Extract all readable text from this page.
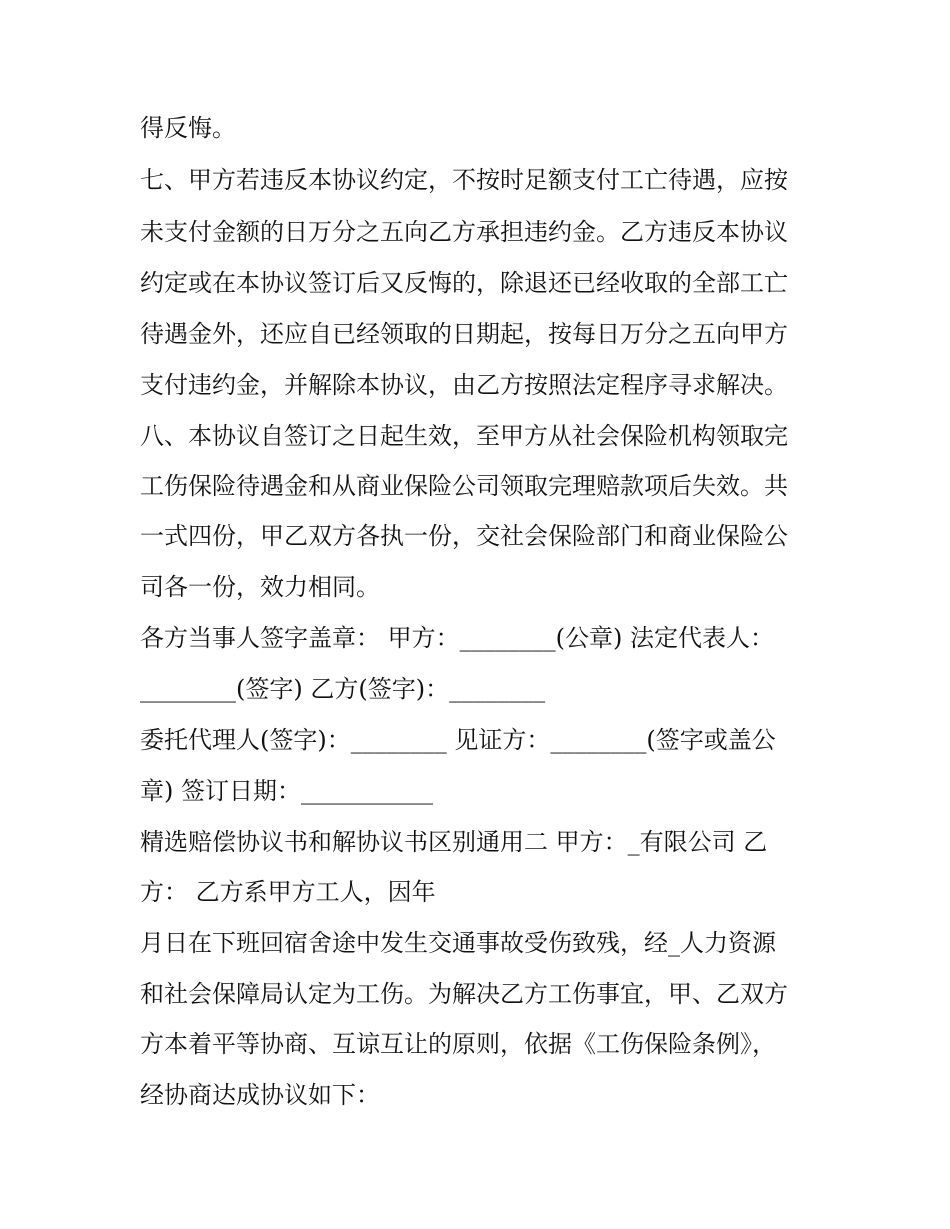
得反悔。
七、甲方若违反本协议约定，不按时足额支付工亡待遇，应按
未支付金额的日万分之五向乙方承担违约金。乙方违反本协议
约定或在本协议签订后又反悔的，除退还已经收取的全部工亡
待遇金外，还应自已经领取的日期起，按每日万分之五向甲方
支付违约金，并解除本协议，由乙方按照法定程序寻求解决。
八、本协议自签订之日起生效，至甲方从社会保险机构领取完
工伤保险待遇金和从商业保险公司领取完理赔款项后失效。共
一式四份，甲乙双方各执一份，交社会保险部门和商业保险公
司各一份，效力相同。
各方当事人签字盖章： 甲方：________(公章) 法定代表人：
________(签字) 乙方(签字)：________
委托代理人(签字)：________ 见证方：________(签字或盖公
章) 签订日期：___________
精选赔偿协议书和解协议书区别通用二 甲方：_有限公司 乙
方： 乙方系甲方工人，因年
月日在下班回宿舍途中发生交通事故受伤致残，经_人力资源
和社会保障局认定为工伤。为解决乙方工伤事宜，甲、乙双方
方本着平等协商、互谅互让的原则，依据《工伤保险条例》，
经协商达成协议如下：
